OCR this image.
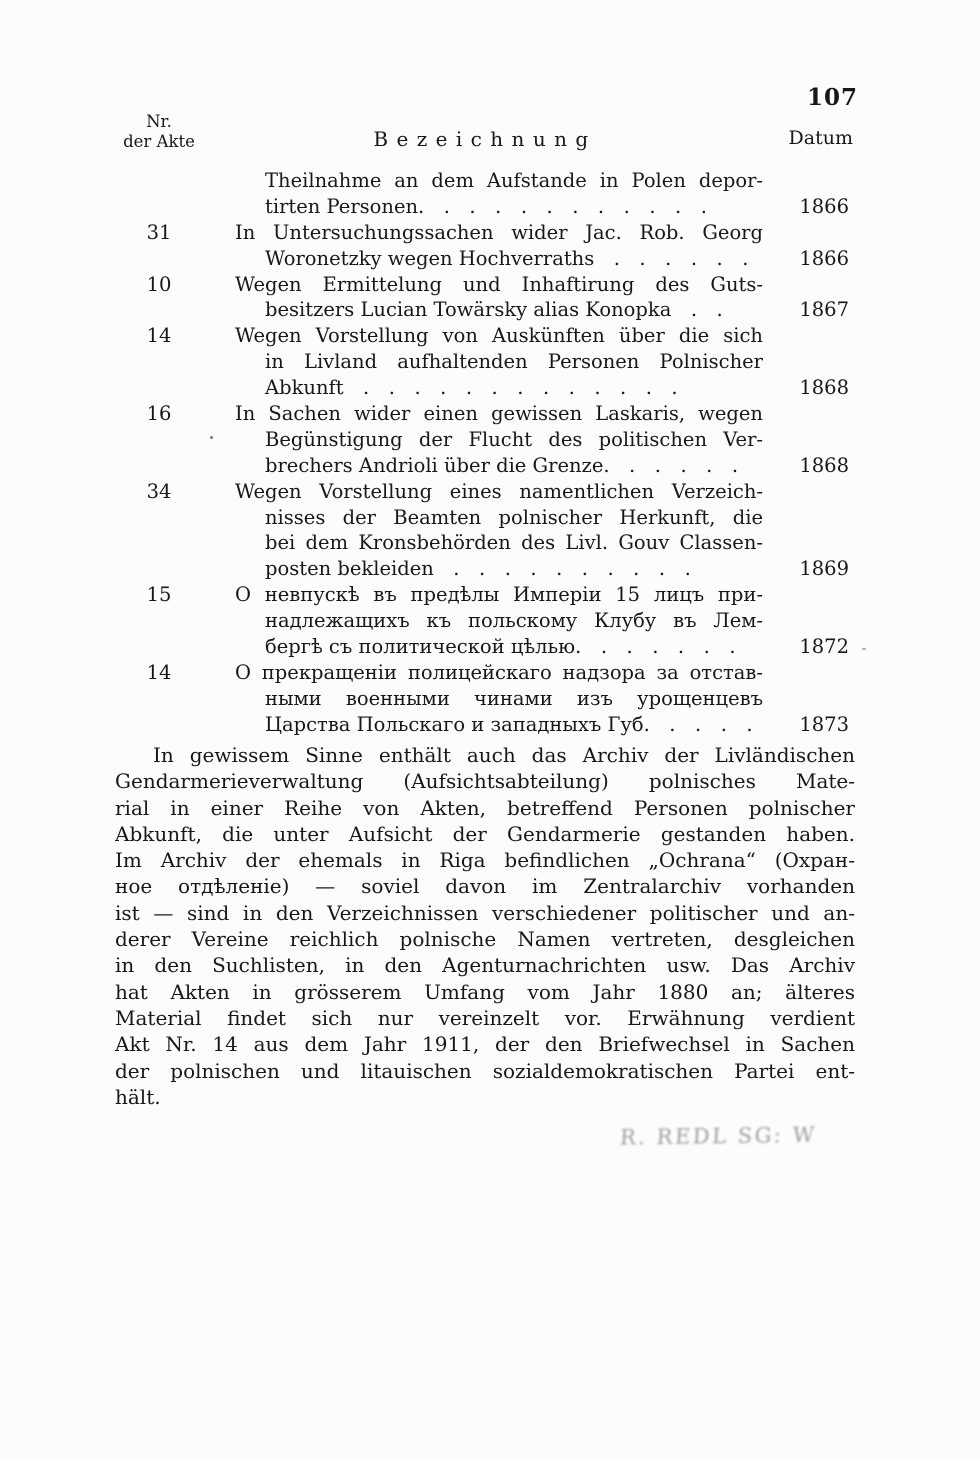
107
Nr.
der Akte	Bezeichnung	Datum
Theilnahme an dem Aufstande in Polen depor-
tirten Personen. . . . . . . . . . . .	1866
31	In Untersuchungssachen wider Jac. Rob. Georg
Woronetzky wegen Hochverraths . . . . . .	1866
10	Wegen Ermittelung und Inhaftirung des Guts-
besitzers Lucian Towärsky alias Konopka . .	1867
14	Wegen Vorstellung von Auskünften über die sich
in Livland aufhaltenden Personen Polnischer
Abkunft . . . . . . . . . . . . .	1868
16	In Sachen wider einen gewissen Laskaris, wegen
Begünstigung der Flucht des politischen Ver-
brechers Andrioli über die Grenze. . . . . .	1868
34	Wegen Vorstellung eines namentlichen Verzeich-
nisses der Beamten polnischer Herkunft, die
bei dem Kronsbehörden des Livl. Gouv Classen-
posten bekleiden . . . . . . . . . .	1869
15	О невпускѣ въ предѣлы Имперіи 15 лицъ при-
надлежащихъ къ польскому Клубу въ Лем-
бергѣ съ политической цѣлью. . . . . . .	1872
14	О прекращеніи полицейскаго надзора за отстав-
ными военными чинами изъ урощенцевъ
Царства Польскаго и западныхъ Губ. . . . .	1873
In gewissem Sinne enthält auch das Archiv der Livländischen
Gendarmerieverwaltung (Aufsichtsabteilung) polnisches Mate-
rial in einer Reihe von Akten, betreffend Personen polnischer
Abkunft, die unter Aufsicht der Gendarmerie gestanden haben.
Im Archiv der ehemals in Riga befindlichen „Ochrana“ (Охран-
ное отдѣленіе) — soviel davon im Zentralarchiv vorhanden
ist — sind in den Verzeichnissen verschiedener politischer und an-
derer Vereine reichlich polnische Namen vertreten, desgleichen
in den Suchlisten, in den Agenturnachrichten usw. Das Archiv
hat Akten in grösserem Umfang vom Jahr 1880 an; älteres
Material findet sich nur vereinzelt vor. Erwähnung verdient
Akt Nr. 14 aus dem Jahr 1911, der den Briefwechsel in Sachen
der polnischen und litauischen sozialdemokratischen Partei ent-
hält.
R. REDL SG: W
